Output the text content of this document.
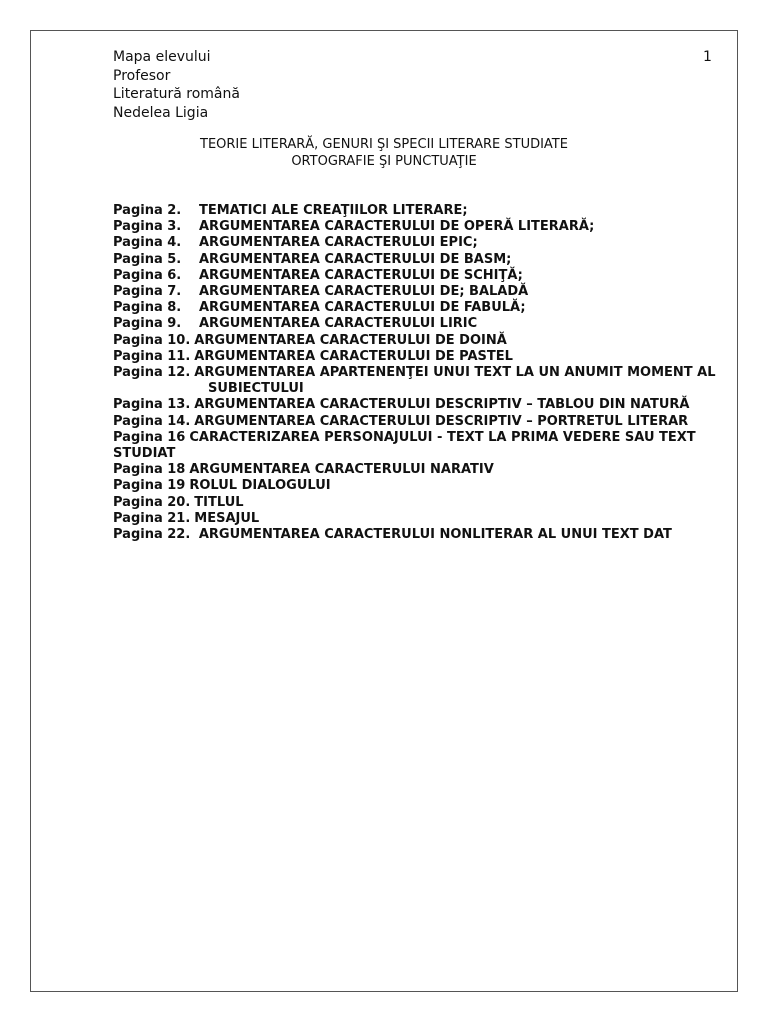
Mapa elevului
Profesor
Literatură română
Nedelea Ligia
1
TEORIE LITERARĂ, GENURI ŞI SPECII LITERARE STUDIATE
ORTOGRAFIE ŞI PUNCTUAŢIE
Pagina 2. TEMATICI ALE CREAŢIILOR LITERARE;
Pagina 3. ARGUMENTAREA CARACTERULUI DE OPERĂ LITERARĂ;
Pagina 4. ARGUMENTAREA CARACTERULUI EPIC;
Pagina 5. ARGUMENTAREA CARACTERULUI DE BASM;
Pagina 6. ARGUMENTAREA CARACTERULUI DE SCHIŢĂ;
Pagina 7. ARGUMENTAREA CARACTERULUI DE; BALADĂ
Pagina 8. ARGUMENTAREA CARACTERULUI DE FABULĂ;
Pagina 9. ARGUMENTAREA CARACTERULUI LIRIC
Pagina 10. ARGUMENTAREA CARACTERULUI DE DOINĂ
Pagina 11. ARGUMENTAREA CARACTERULUI DE PASTEL
Pagina 12. ARGUMENTAREA APARTENENŢEI UNUI TEXT LA UN ANUMIT MOMENT AL
SUBIECTULUI
Pagina 13. ARGUMENTAREA CARACTERULUI DESCRIPTIV – TABLOU DIN NATURĂ
Pagina 14. ARGUMENTAREA CARACTERULUI DESCRIPTIV – PORTRETUL LITERAR
Pagina 16 CARACTERIZAREA PERSONAJULUI - TEXT LA PRIMA VEDERE SAU TEXT STUDIAT
Pagina 18 ARGUMENTAREA CARACTERULUI NARATIV
Pagina 19 ROLUL DIALOGULUI
Pagina 20. TITLUL
Pagina 21. MESAJUL
Pagina 22. ARGUMENTAREA CARACTERULUI NONLITERAR AL UNUI TEXT DAT
